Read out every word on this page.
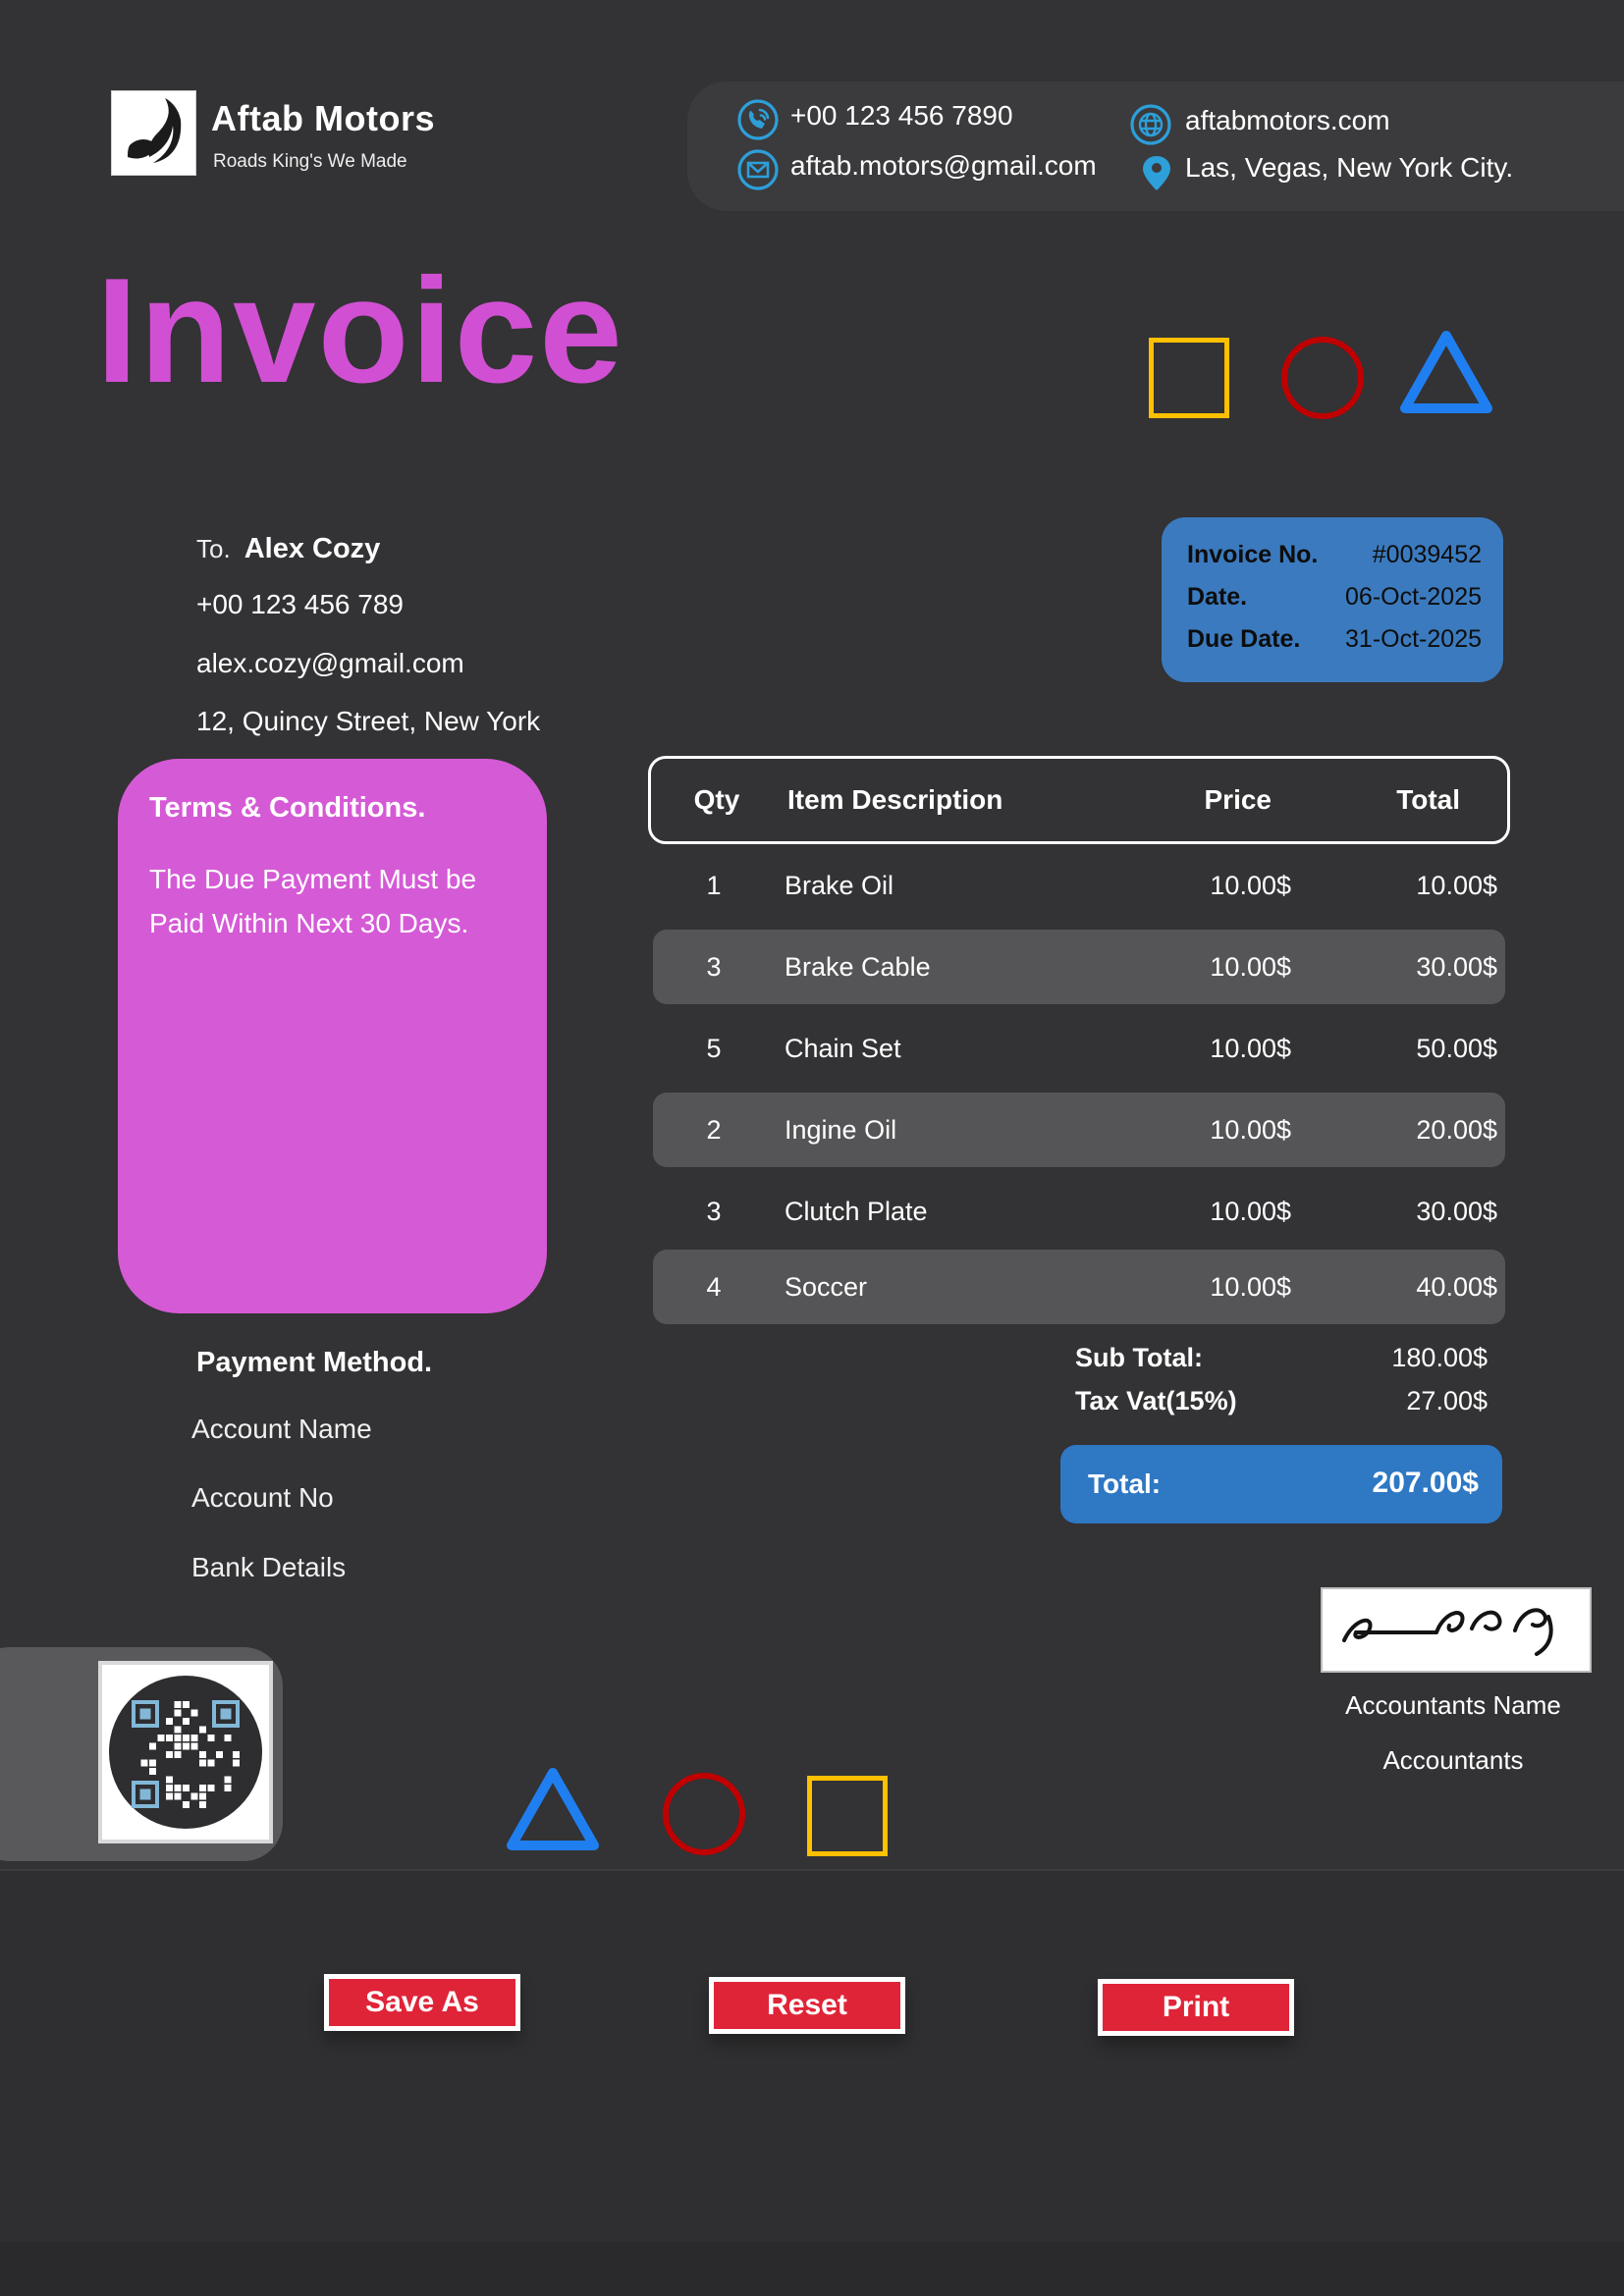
Aftab Motors
Roads King's We Made
+00 123 456 7890
aftab.motors@gmail.com
aftabmotors.com
Las, Vegas, New York City.
Invoice
To. Alex Cozy
+00 123 456 789
alex.cozy@gmail.com
12, Quincy Street, New York
Invoice No. #0039452
Date.	06-Oct-2025
Due Date. 31-Oct-2025
Terms & Conditions.
The Due Payment Must be Paid Within Next 30 Days.
Qty	Item Description	Price	Total
1	Brake Oil	10.00$	10.00$
3	Brake Cable	10.00$	30.00$
5	Chain Set	10.00$	50.00$
2	Ingine Oil	10.00$	20.00$
3	Clutch Plate	10.00$	30.00$
4	Soccer	10.00$	40.00$
Sub Total:	180.00$
Tax Vat(15%)	27.00$
Total:	207.00$
Payment Method.
Account Name
Account No
Bank Details
Accountants Name
Accountants
Save As	Reset	Print
